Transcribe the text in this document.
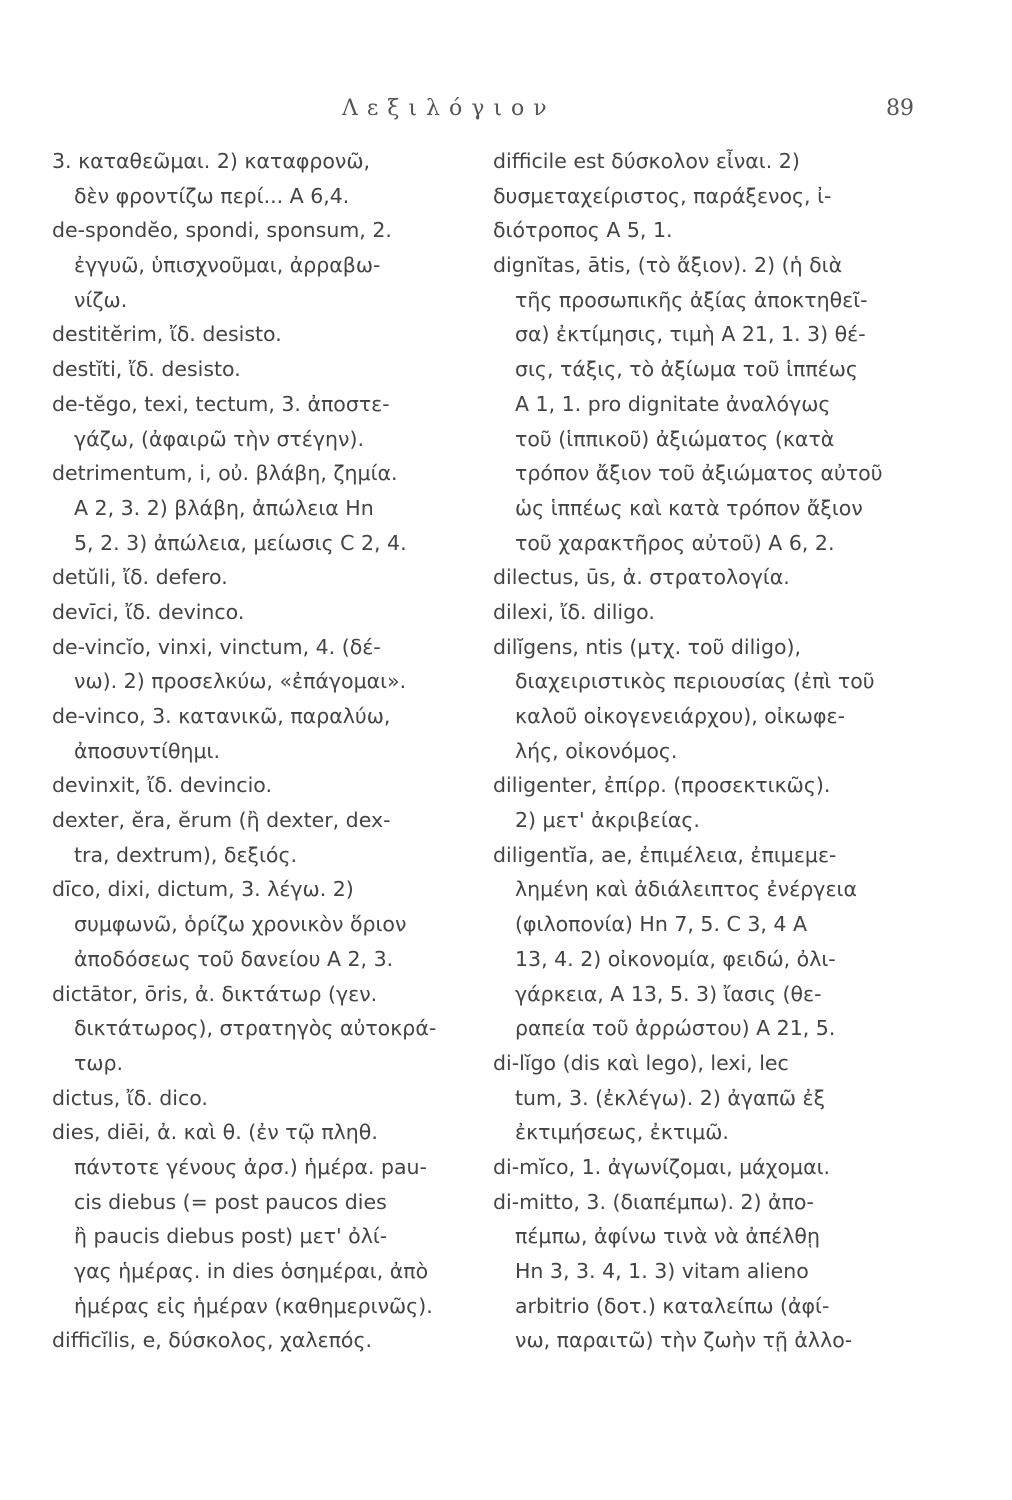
Λεξιλόγιον	89
3. καταθεῶμαι. 2) καταφρονῶ,
δὲν φροντίζω περί... Α 6,4.
de-spondĕo, spondi, sponsum, 2.
ἐγγυῶ, ὑπισχνοῦμαι, ἀρραβω-
νίζω.
destitĕrim, ἴδ. desisto.
destĭti, ἴδ. desisto.
de-tĕgo, texi, tectum, 3. ἀποστε-
γάζω, (ἀφαιρῶ τὴν στέγην).
detrimentum, i, οὐ. βλάβη, ζημία.
Α 2, 3. 2) βλάβη, ἀπώλεια Ηn
5, 2. 3) ἀπώλεια, μείωσις C 2, 4.
detŭli, ἴδ. defero.
devīci, ἴδ. devinco.
de-vincĭo, vinxi, vinctum, 4. (δέ-
νω). 2) προσελκύω, «ἐπάγομαι».
de-vinco, 3. κατανικῶ, παραλύω,
ἀποσυντίθημι.
devinxit, ἴδ. devincio.
dexter, ĕra, ĕrum (ἢ dexter, dex-
tra, dextrum), δεξιός.
dīco, dixi, dictum, 3. λέγω. 2)
συμφωνῶ, ὁρίζω χρονικὸν ὅριον
ἀποδόσεως τοῦ δανείου Α 2, 3.
dictātor, ōris, ἀ. δικτάτωρ (γεν.
δικτάτωρος), στρατηγὸς αὐτοκρά-
τωρ.
dictus, ἴδ. dico.
dies, diēi, ἀ. καὶ θ. (ἐν τῷ πληθ.
πάντοτε γένους ἀρσ.) ἡμέρα. pau-
cis diebus (= post paucos dies
ἢ paucis diebus post) μετ' ὀλί-
γας ἡμέρας. in dies ὁσημέραι, ἀπὸ
ἡμέρας εἰς ἡμέραν (καθημερινῶς).
difficĭlis, e, δύσκολος, χαλεπός.
difficile est δύσκολον εἶναι. 2)
δυσμεταχείριστος, παράξενος, ἰ-
διότροπος Α 5, 1.
dignĭtas, ātis, (τὸ ἄξιον). 2) (ἡ διὰ
τῆς προσωπικῆς ἀξίας ἀποκτηθεῖ-
σα) ἐκτίμησις, τιμὴ Α 21, 1. 3) θέ-
σις, τάξις, τὸ ἀξίωμα τοῦ ἱππέως
Α 1, 1. pro dignitate ἀναλόγως
τοῦ (ἱππικοῦ) ἀξιώματος (κατὰ
τρόπον ἄξιον τοῦ ἀξιώματος αὐτοῦ
ὡς ἱππέως καὶ κατὰ τρόπον ἄξιον
τοῦ χαρακτῆρος αὐτοῦ) Α 6, 2.
dilectus, ūs, ἀ. στρατολογία.
dilexi, ἴδ. diligo.
dilĭgens, ntis (μτχ. τοῦ diligo),
διαχειριστικὸς περιουσίας (ἐπὶ τοῦ
καλοῦ οἰκογενειάρχου), οἰκωφε-
λής, οἰκονόμος.
diligenter, ἐπίρρ. (προσεκτικῶς).
2) μετ' ἀκριβείας.
diligentĭa, ae, ἐπιμέλεια, ἐπιμεμε-
λημένη καὶ ἀδιάλειπτος ἐνέργεια
(φιλοπονία) Ηn 7, 5. C 3, 4 Α
13, 4. 2) οἰκονομία, φειδώ, ὀλι-
γάρκεια, Α 13, 5. 3) ἴασις (θε-
ραπεία τοῦ ἀρρώστου) Α 21, 5.
di-lĭgo (dis καὶ lego), lexi, lec
tum, 3. (ἐκλέγω). 2) ἀγαπῶ ἐξ
ἐκτιμήσεως, ἐκτιμῶ.
di-mĭco, 1. ἀγωνίζομαι, μάχομαι.
di-mitto, 3. (διαπέμπω). 2) ἀπο-
πέμπω, ἀφίνω τινὰ νὰ ἀπέλθῃ
Ηn 3, 3. 4, 1. 3) vitam alieno
arbitrio (δοτ.) καταλείπω (ἀφί-
νω, παραιτῶ) τὴν ζωὴν τῇ ἀλλο-
